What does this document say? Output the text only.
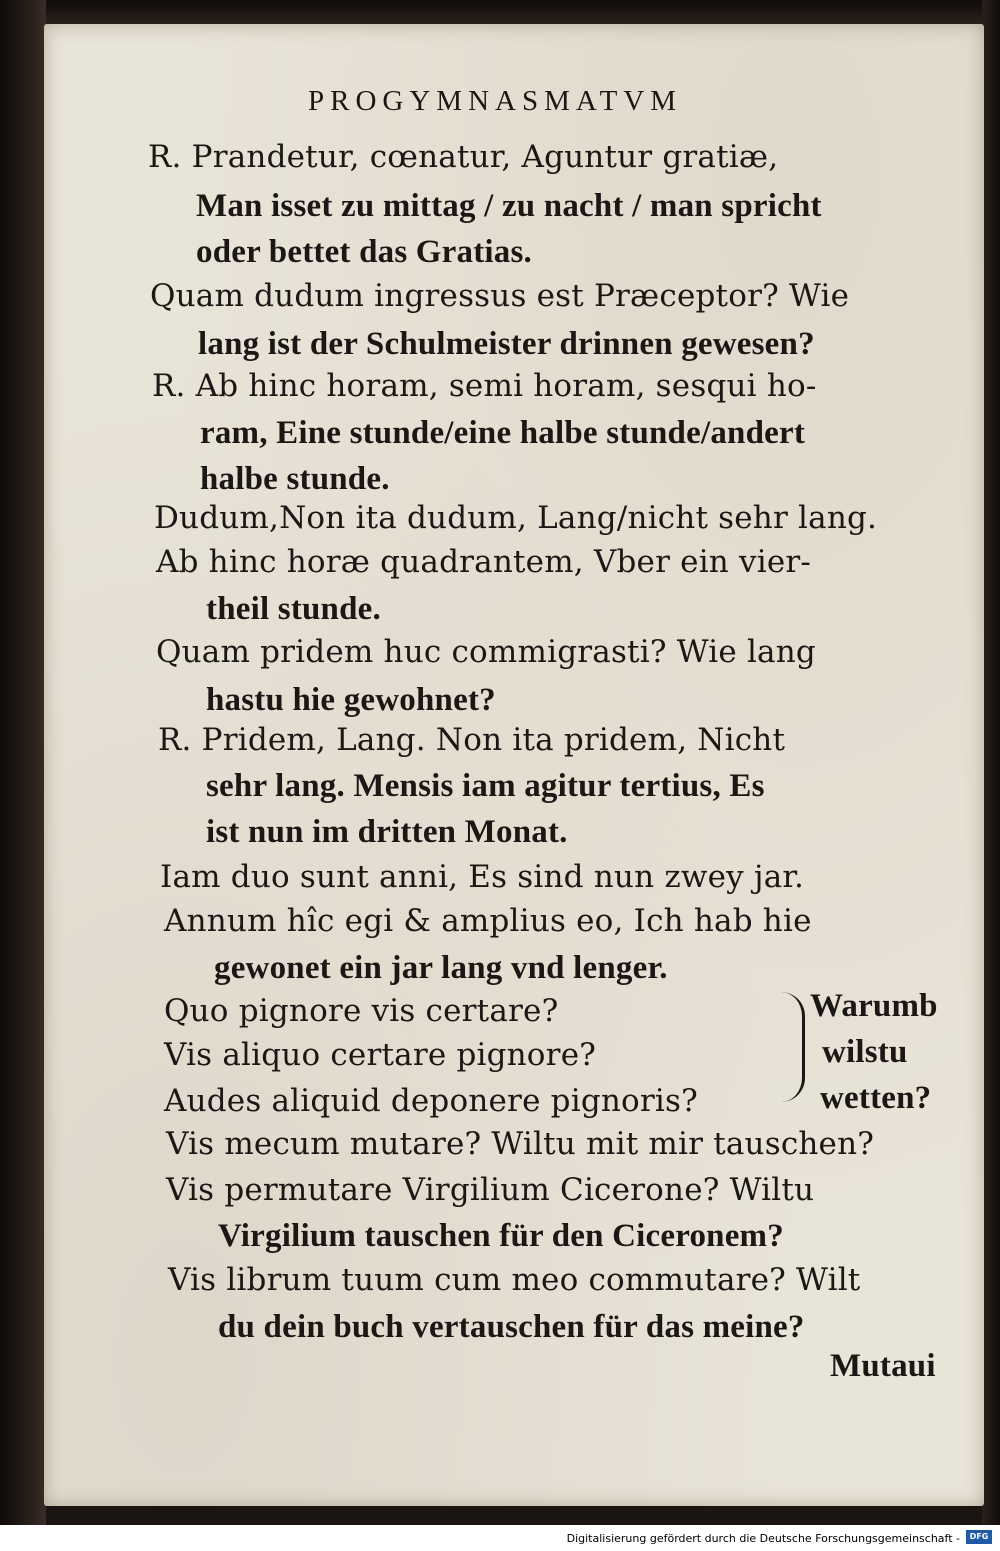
PROGYMNASMATVM
R. Prandetur, cœnatur, Aguntur gratiæ,
Man isset zu mittag / zu nacht / man spricht
oder bettet das Gratias.
Quam dudum ingressus est Præceptor? Wie
lang ist der Schulmeister drinnen gewesen?
R. Ab hinc horam, semi horam, sesqui ho-
ram, Eine stunde/eine halbe stunde/andert
halbe stunde.
Dudum,Non ita dudum, Lang/nicht sehr lang.
Ab hinc horæ quadrantem, Vber ein vier-
theil stunde.
Quam pridem huc commigrasti? Wie lang
hastu hie gewohnet?
R. Pridem, Lang. Non ita pridem, Nicht
sehr lang. Mensis iam agitur tertius, Es
ist nun im dritten Monat.
Iam duo sunt anni, Es sind nun zwey jar.
Annum hîc egi & amplius eo, Ich hab hie
gewonet ein jar lang vnd lenger.
Quo pignore vis certare?
Vis aliquo certare pignore?
Audes aliquid deponere pignoris?
Warumb
wilstu
wetten?
Vis mecum mutare? Wiltu mit mir tauschen?
Vis permutare Virgilium Cicerone? Wiltu
Virgilium tauschen für den Ciceronem?
Vis librum tuum cum meo commutare? Wilt
du dein buch vertauschen für das meine?
Mutaui
Digitalisierung gefördert durch die Deutsche Forschungsgemeinschaft -	DFG
